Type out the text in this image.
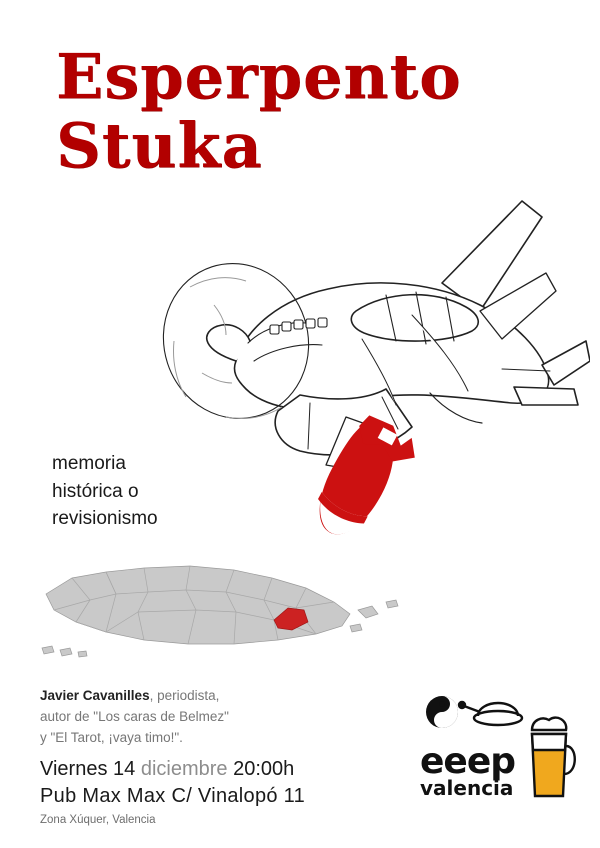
Esperpento
Stuka
memoria
histórica o
revisionismo
Javier Cavanilles, periodista,
autor de "Los caras de Belmez"
y "El Tarot, ¡vaya timo!".
Viernes 14 diciembre 20:00h
Pub Max Max C/ Vinalopó 11
Zona Xúquer, Valencia
eeep
valencia
